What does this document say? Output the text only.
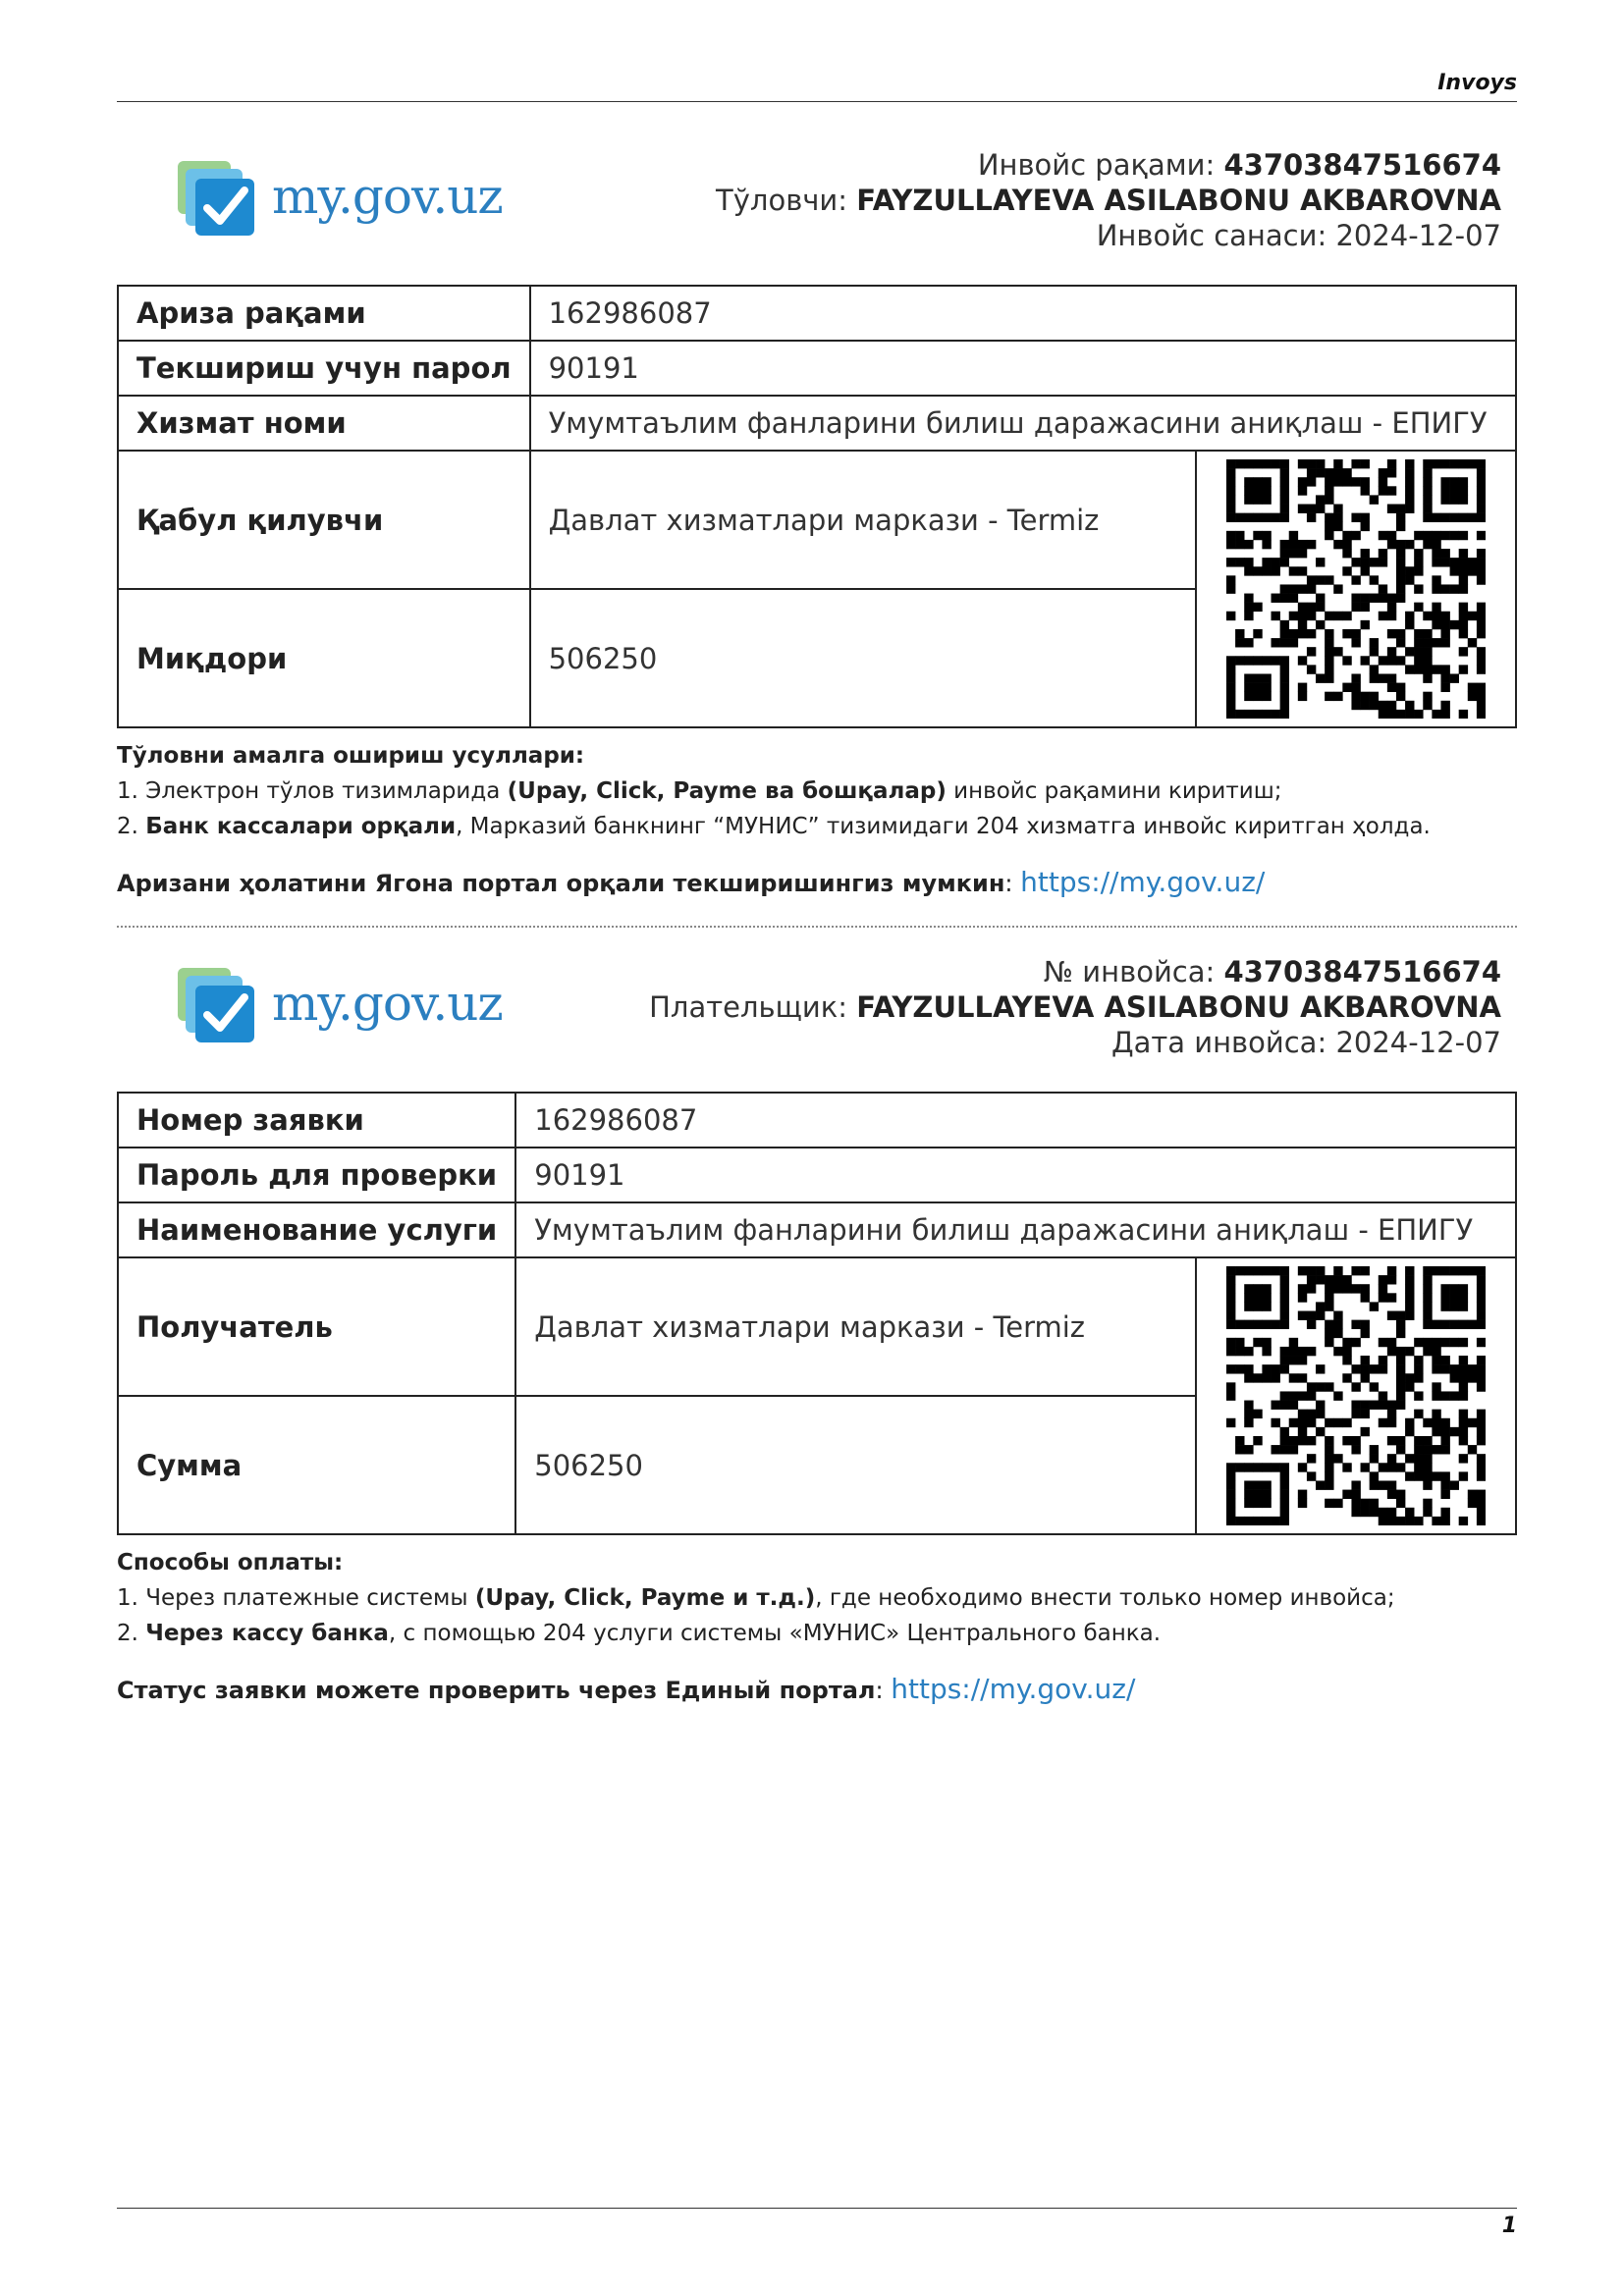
Invoys
my.gov.uz
Инвойс рақами: 43703847516674
Тўловчи: FAYZULLAYEVA ASILABONU AKBAROVNA
Инвойс санаси: 2024-12-07
Ариза рақами	162986087	
Текшириш учун парол	90191	
Хизмат номи	Умумтаълим фанларини билиш даражасини аниқлаш - ЕПИГУ	
Қабул қилувчи	Давлат хизматлари маркази - Termiz	

Миқдори	506250	
Тўловни амалга ошириш усуллари:
1. Электрон тўлов тизимларида (Upay, Click, Payme ва бошқалар) инвойс рақамини киритиш;
2. Банк кассалари орқали, Марказий банкнинг “МУНИС” тизимидаги 204 хизматга инвойс киритган ҳолда.
Аризани ҳолатини Ягона портал орқали текширишингиз мумкин: https://my.gov.uz/
my.gov.uz
№ инвойса: 43703847516674
Плательщик: FAYZULLAYEVA ASILABONU AKBAROVNA
Дата инвойса: 2024-12-07
Номер заявки	162986087	
Пароль для проверки	90191	
Наименование услуги	Умумтаълим фанларини билиш даражасини аниқлаш - ЕПИГУ	
Получатель	Давлат хизматлари маркази - Termiz	

Сумма	506250	
Способы оплаты:
1. Через платежные системы (Upay, Click, Payme и т.д.), где необходимо внести только номер инвойса;
2. Через кассу банка, с помощью 204 услуги системы «МУНИС» Центрального банка.
Статус заявки можете проверить через Единый портал: https://my.gov.uz/
1
